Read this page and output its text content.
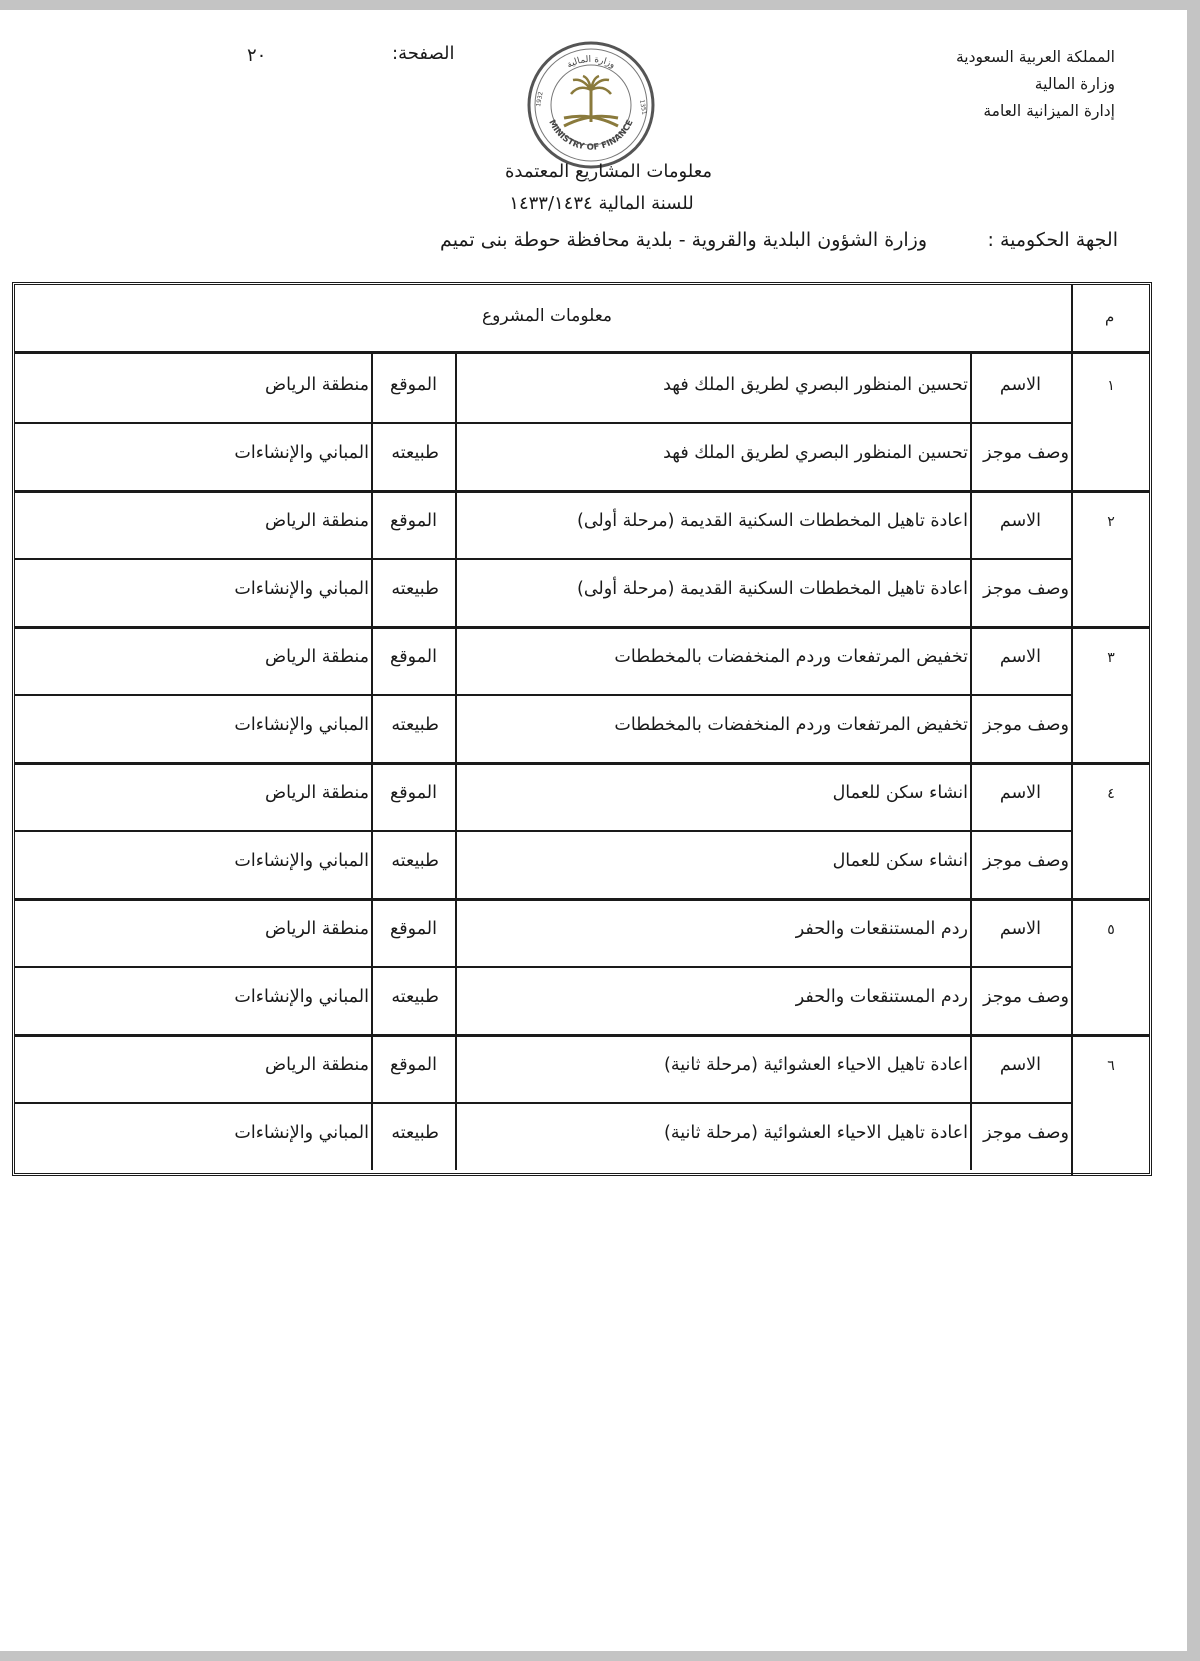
المملكة العربية السعودية
وزارة المالية
إدارة الميزانية العامة
الصفحة:
٢٠
1932	1351
MINISTRY OF FINANCE
وزارة المالية
معلومات المشاريع المعتمدة
للسنة المالية ١٤٣٣/١٤٣٤
الجهة الحكومية :
وزارة الشؤون البلدية والقروية - بلدية محافظة حوطة بنى تميم
معلومات المشروع	م
١
الاسم
تحسين المنظور البصري لطريق الملك فهد
الموقع
منطقة الرياض
وصف موجز
تحسين المنظور البصري لطريق الملك فهد
طبيعته
المباني والإنشاءات
٢
الاسم
اعادة تاهيل المخططات السكنية القديمة (مرحلة أولى)
الموقع
منطقة الرياض
وصف موجز
اعادة تاهيل المخططات السكنية القديمة (مرحلة أولى)
طبيعته
المباني والإنشاءات
٣
الاسم
تخفيض المرتفعات وردم المنخفضات بالمخططات
الموقع
منطقة الرياض
وصف موجز
تخفيض المرتفعات وردم المنخفضات بالمخططات
طبيعته
المباني والإنشاءات
٤
الاسم
انشاء سكن للعمال
الموقع
منطقة الرياض
وصف موجز
انشاء سكن للعمال
طبيعته
المباني والإنشاءات
٥
الاسم
ردم المستنقعات والحفر
الموقع
منطقة الرياض
وصف موجز
ردم المستنقعات والحفر
طبيعته
المباني والإنشاءات
٦
الاسم
اعادة تاهيل الاحياء العشوائية (مرحلة ثانية)
الموقع
منطقة الرياض
وصف موجز
اعادة تاهيل الاحياء العشوائية (مرحلة ثانية)
طبيعته
المباني والإنشاءات
